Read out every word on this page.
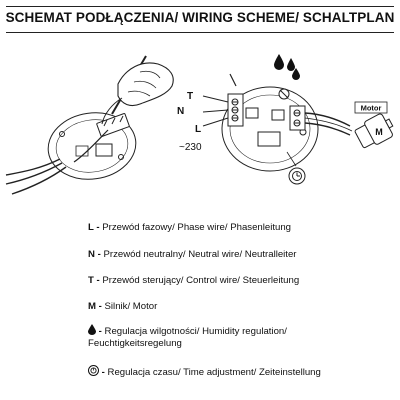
SCHEMAT PODŁĄCZENIA/ WIRING SCHEME/ SCHALTPLAN
Motor
M
T
N
L
~230
L - Przewód fazowy/ Phase wire/ Phasenleitung
N - Przewód neutralny/ Neutral wire/ Neutralleiter
T - Przewód sterujący/ Control wire/ Steuerleitung
M - Silnik/ Motor
- Regulacja wilgotności/ Humidity regulation/
Feuchtigkeitsregelung
- Regulacja czasu/ Time adjustment/ Zeiteinstellung
